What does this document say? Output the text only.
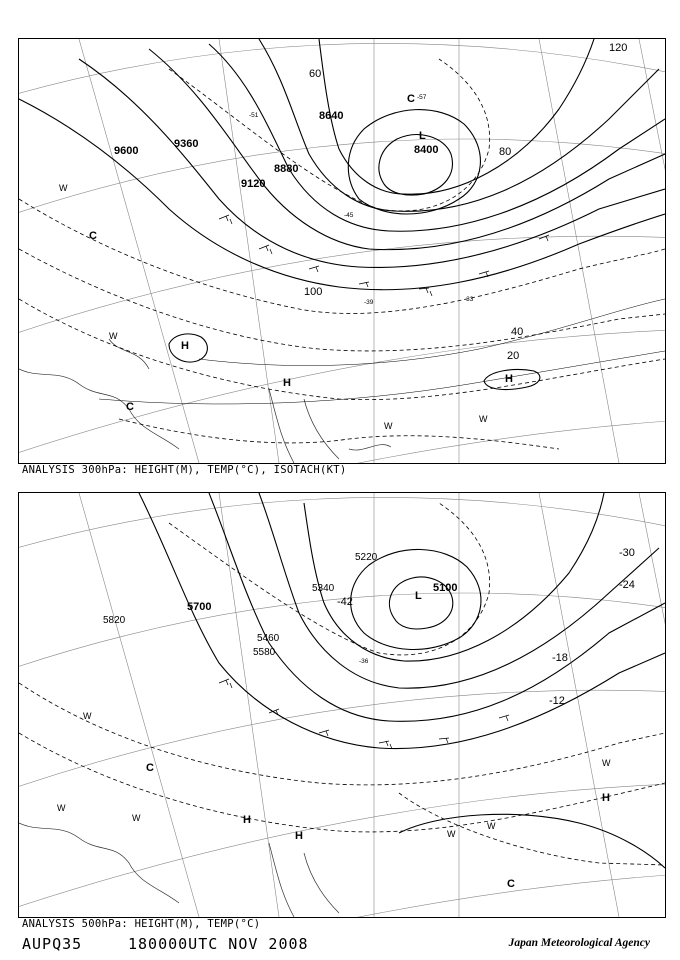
9600
9360
9120
8880
8640
8400
120
100
80
60
40
20
-57
-51
-45
-39	-33
L
C
C
C
H
H	H
W
W
W
W
ANALYSIS 300hPa: HEIGHT(M), TEMP(°C), ISOTACH(KT)
5820
5700
5580
5460
5340
5220
5100
-42
-30
-24
-18
-12
-36
L
C
C
H
H
H
W
W
W
W
W
W
ANALYSIS 500hPa: HEIGHT(M), TEMP(°C)
AUPQ35	180000UTC NOV 2008	Japan Meteorological Agency
